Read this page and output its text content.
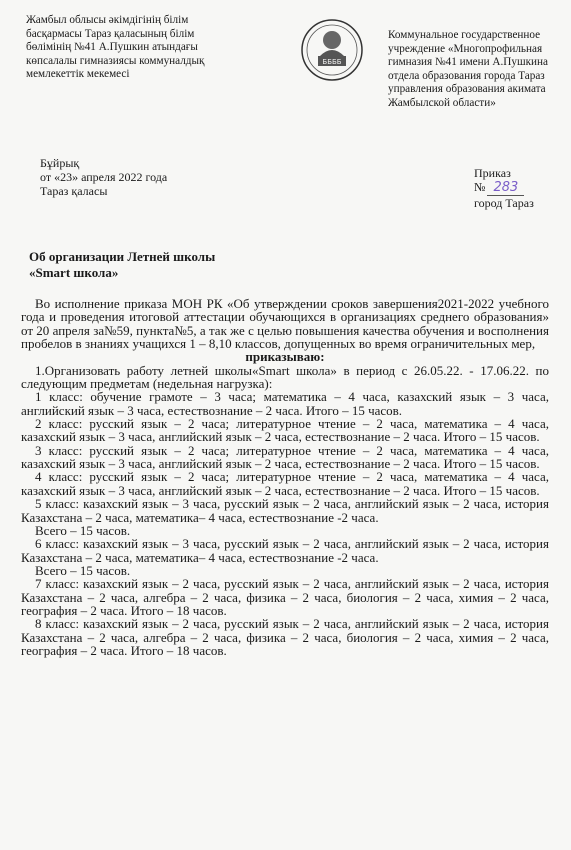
Жамбыл облысы әкімдігінің білім
басқармасы Тараз қаласының білім
бөлімінің №41 А.Пушкин атындағы
көпсалалы гимназиясы коммуналдық
мемлекеттік мекемесі
ББББ
Коммунальное государственное
учреждение «Многопрофильная
гимназия №41 имени А.Пушкина
отдела образования города Тараз
управления образования акимата
Жамбылской области»
Бұйрық
от «23» апреля 2022 года
Тараз қаласы
Приказ
№ 283
город Тараз
Об организации Летней школы
«Smart школа»

Во исполнение приказа МОН РК «Об утверждении сроков завершения2021-2022 учебного года и проведения итоговой аттестации обучающихся в организациях среднего образования» от 20 апреля за№59, пункта№5, а так же с целью повышения качества обучения и восполнения пробелов в знаниях учащихся 1 – 8,10 классов, допущенных во время ограничительных мер,

приказываю:

1.Организовать работу летней школы«Smart школа» в период с 26.05.22. - 17.06.22. по следующим предметам (недельная нагрузка):

1 класс: обучение грамоте – 3 часа; математика – 4 часа, казахский язык – 3 часа, английский язык – 3 часа, естествознание – 2 часа. Итого – 15 часов.

2 класс: русский язык – 2 часа; литературное чтение – 2 часа, математика – 4 часа, казахский язык – 3 часа, английский язык – 2 часа, естествознание – 2 часа. Итого – 15 часов.

3 класс: русский язык – 2 часа; литературное чтение – 2 часа, математика – 4 часа, казахский язык – 3 часа, английский язык – 2 часа, естествознание – 2 часа. Итого – 15 часов.

4 класс: русский язык – 2 часа; литературное чтение – 2 часа, математика – 4 часа, казахский язык – 3 часа, английский язык – 2 часа, естествознание – 2 часа. Итого – 15 часов.

5 класс: казахский язык – 3 часа, русский язык – 2 часа, английский язык – 2 часа, история Казахстана – 2 часа, математика– 4 часа, естествознание -2 часа.

Всего – 15 часов.

6 класс: казахский язык – 3 часа, русский язык – 2 часа, английский язык – 2 часа, история Казахстана – 2 часа, математика– 4 часа, естествознание -2 часа.

Всего – 15 часов.

7 класс: казахский язык – 2 часа, русский язык – 2 часа, английский язык – 2 часа, история Казахстана – 2 часа, алгебра – 2 часа, физика – 2 часа, биология – 2 часа, химия – 2 часа, география – 2 часа. Итого – 18 часов.

8 класс: казахский язык – 2 часа, русский язык – 2 часа, английский язык – 2 часа, история Казахстана – 2 часа, алгебра – 2 часа, физика – 2 часа, биология – 2 часа, химия – 2 часа, география – 2 часа. Итого – 18 часов.
